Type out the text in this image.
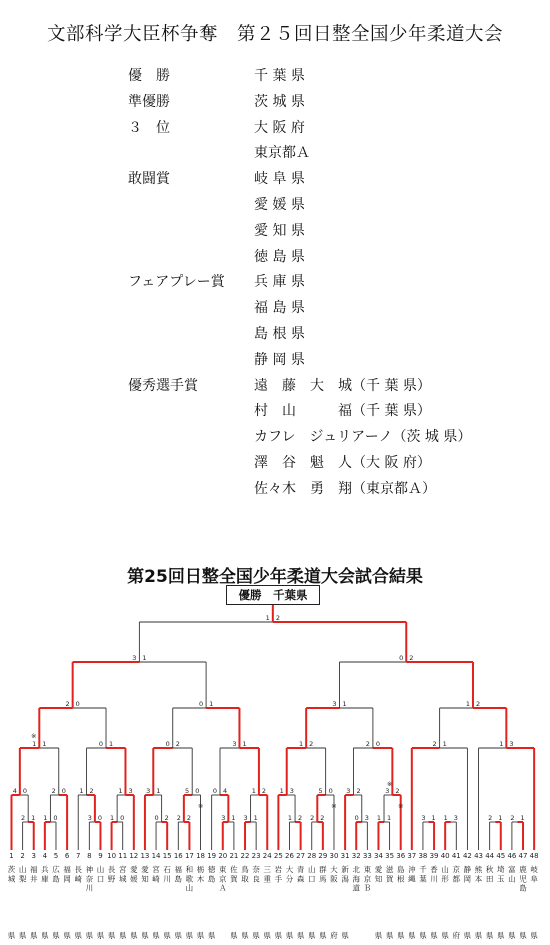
文部科学大臣杯争奪　第２５回日整全国少年柔道大会
優　勝	千 葉 県
準優勝	茨 城 県
３　位	大 阪 府
東京都Ａ
敢闘賞	岐 阜 県
愛 媛 県
愛 知 県
徳 島 県
フェアプレー賞 兵 庫 県
福 島 県
島 根 県
静 岡 県
優秀選手賞	遠　藤　大　城（千 葉 県）
村　山　　　福（千 葉 県）
カフレ　ジュリアーノ（茨 城 県）
澤　谷　魁　人（大 阪 府）
佐々木　勇　翔（東京都Ａ）
第25回日整全国少年柔道大会試合結果
優勝　 千葉県
1
茨
城
県
2
山
梨
県
3
福
井
県
4
兵
庫
県
5
広
島
県
6
福
岡
県
7
長
崎
県
8
神
奈
川
県
9
山
口
県
10
長
野
県
11
宮
城
県
12
愛
媛
県
13
愛
知
県
14
宮
崎
県
15
石
川
県
16
福
島
県
17
和
歌
山
県
18
栃
木
県
19
徳
島
県
20
東
京
Ａ
21
佐
賀
県
22
鳥
取
県
23
奈
良
県
24
三
重
県
25
岩
手
県
26
大
分
県
27
青
森
県
28
山
口
県
29
群
馬
県
30
大
阪
府
31
新
潟
県
32
北
海
道
33
東
京
Ｂ
34
愛
知
県
35
滋
賀
県
36
島
根
県
37
沖
縄
県
38
千
葉
県
39
香
川
県
40
山
形
県
41
京
都
府
42
静
岡
県
43
熊
本
県
44
秋
田
県
45
埼
玉
県
46
富
山
県
47
鹿
児
島
県
48
岐
阜
県
2 1 1 0
4 0	2 0
1 1
3 0 1 0
1 2	1 3
0 1
0 2 2 2
3 1	5 0
0 2
3 1 3 1
0 4	1 2
3 1
1 2 2 2
1 3	5 0
1 2
0 3 1 1
3 2	3 2
2 0
3 1 1 3
2 1
2 1 2 1
1 3
2 0	0 1	3 1	1 2
3 1	0 2
1 2
※
※	※
※
※
